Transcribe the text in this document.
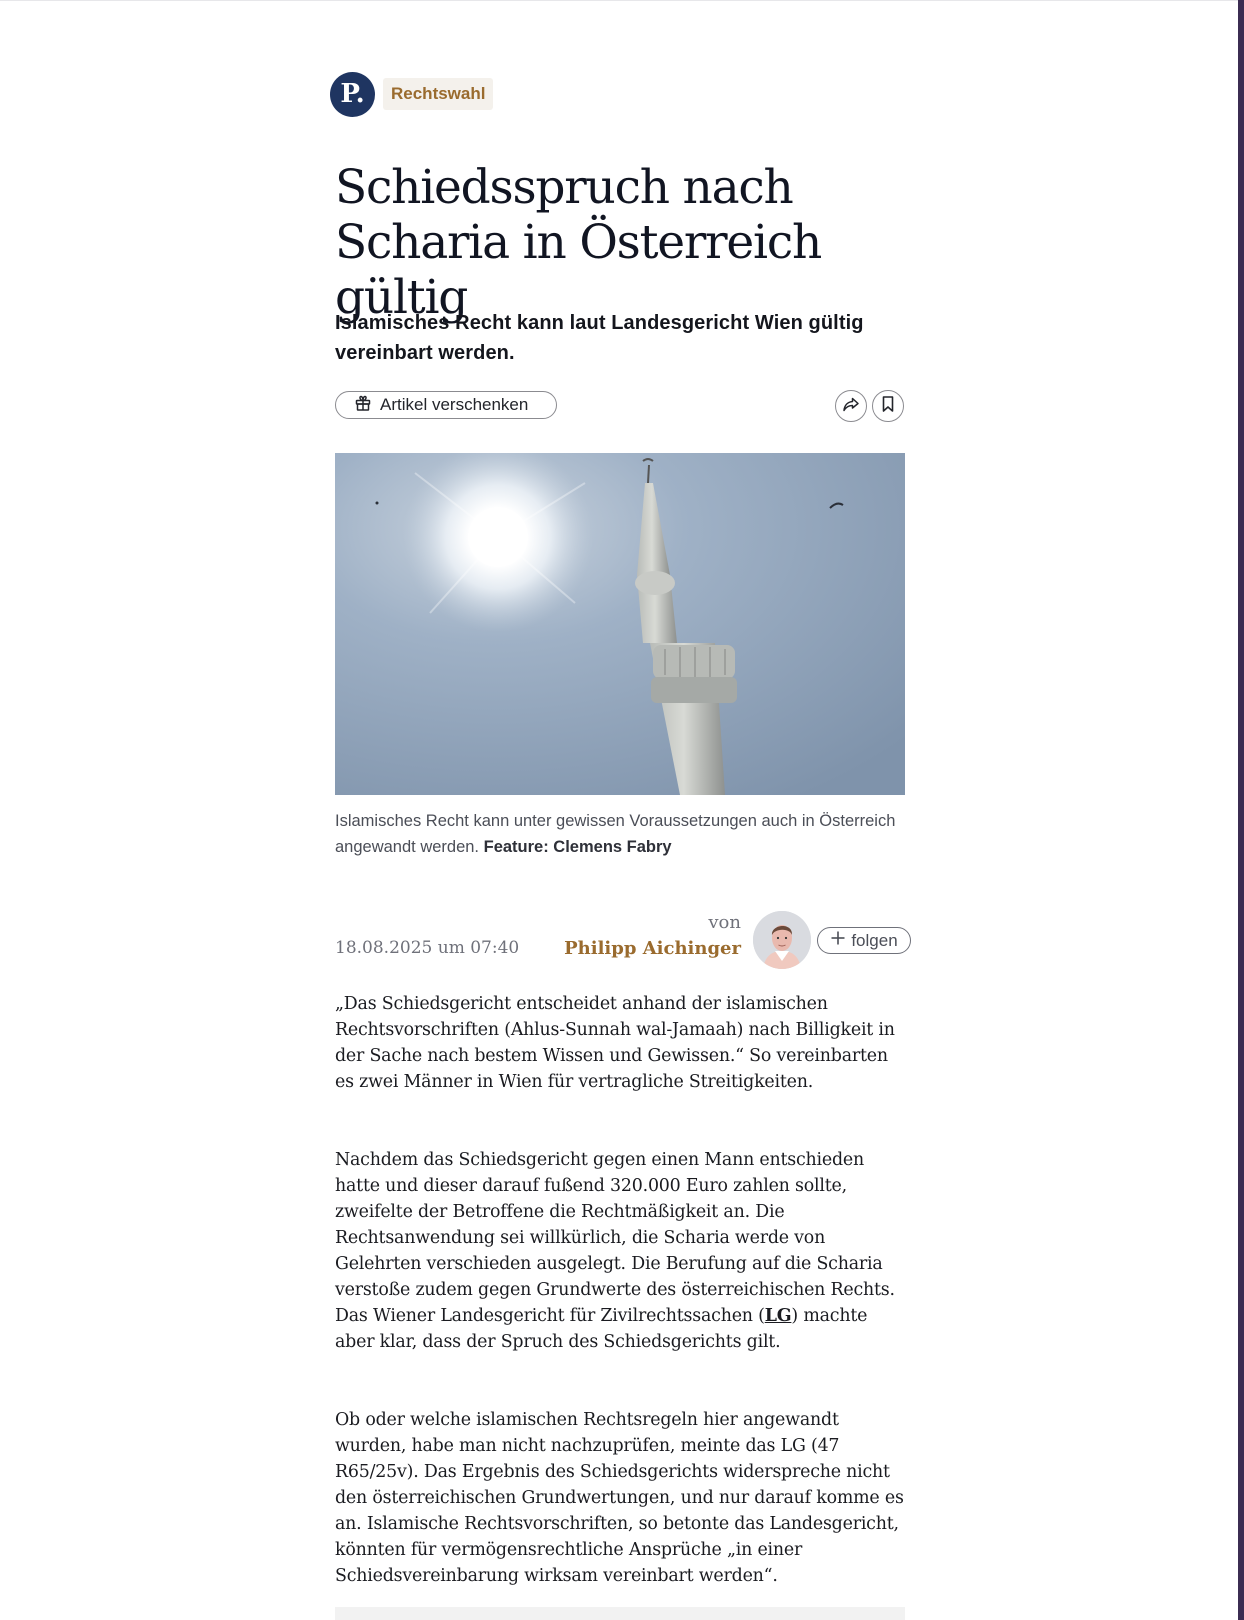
P.	Rechtswahl
Schiedsspruch nach
Scharia in Österreich gültig

Islamisches Recht kann laut Landesgericht Wien gültig vereinbart werden.

Artikel verschenken

Islamisches Recht kann unter gewissen Voraussetzungen auch in Österreich angewandt werden. Feature: Clemens Fabry

18.08.2025 um 07:40
von
Philipp Aichinger	folgen

„Das Schiedsgericht entscheidet anhand der islamischen Rechtsvorschriften (Ahlus-Sunnah wal-Jamaah) nach Billigkeit in der Sache nach bestem Wissen und Gewissen.“ So vereinbarten es zwei Männer in Wien für vertragliche Streitigkeiten.

Nachdem das Schiedsgericht gegen einen Mann entschieden hatte und dieser darauf fußend 320.000 Euro zahlen sollte, zweifelte der Betroffene die Rechtmäßigkeit an. Die Rechtsanwendung sei willkürlich, die Scharia werde von Gelehrten verschieden ausgelegt. Die Berufung auf die Scharia verstoße zudem gegen Grundwerte des österreichischen Rechts. Das Wiener Landesgericht für Zivilrechtssachen (LG) machte aber klar, dass der Spruch des Schiedsgerichts gilt.

Ob oder welche islamischen Rechtsregeln hier angewandt wurden, habe man nicht nachzuprüfen, meinte das LG (47 R65/25v). Das Ergebnis des Schiedsgerichts widerspreche nicht den österreichischen Grundwertungen, und nur darauf komme es an. Islamische Rechtsvorschriften, so betonte das Landesgericht, könnten für vermögensrechtliche Ansprüche „in einer Schiedsvereinbarung wirksam vereinbart werden“.
